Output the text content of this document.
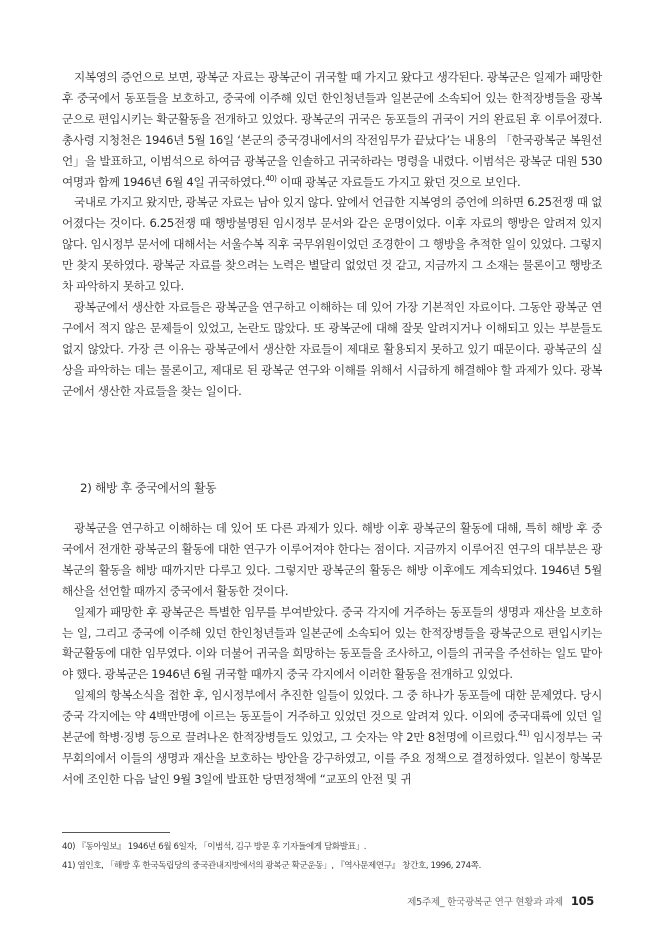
지복영의 증언으로 보면, 광복군 자료는 광복군이 귀국할 때 가지고 왔다고 생각된다. 광복군은 일제가 패망한 후 중국에서 동포들을 보호하고, 중국에 이주해 있던 한인청년들과 일본군에 소속되어 있는 한적장병들을 광복군으로 편입시키는 확군활동을 전개하고 있었다. 광복군의 귀국은 동포들의 귀국이 거의 완료된 후 이루어졌다. 총사령 지청천은 1946년 5월 16일 ‘본군의 중국경내에서의 작전임무가 끝났다’는 내용의 「한국광복군 복원선언」을 발표하고, 이범석으로 하여금 광복군을 인솔하고 귀국하라는 명령을 내렸다. 이범석은 광복군 대원 530여명과 함께 1946년 6월 4일 귀국하였다.$^{40)}$ 이때 광복군 자료들도 가지고 왔던 것으로 보인다.

국내로 가지고 왔지만, 광복군 자료는 남아 있지 않다. 앞에서 언급한 지복영의 증언에 의하면 6.25전쟁 때 없어졌다는 것이다. 6.25전쟁 때 행방불명된 임시정부 문서와 같은 운명이었다. 이후 자료의 행방은 알려져 있지 않다. 임시정부 문서에 대해서는 서울수복 직후 국무위원이었던 조경한이 그 행방을 추적한 일이 있었다. 그렇지만 찾지 못하였다. 광복군 자료를 찾으려는 노력은 별달리 없었던 것 같고, 지금까지 그 소재는 물론이고 행방조차 파악하지 못하고 있다.

광복군에서 생산한 자료들은 광복군을 연구하고 이해하는 데 있어 가장 기본적인 자료이다. 그동안 광복군 연구에서 적지 않은 문제들이 있었고, 논란도 많았다. 또 광복군에 대해 잘못 알려지거나 이해되고 있는 부분들도 없지 않았다. 가장 큰 이유는 광복군에서 생산한 자료들이 제대로 활용되지 못하고 있기 때문이다. 광복군의 실상을 파악하는 데는 물론이고, 제대로 된 광복군 연구와 이해를 위해서 시급하게 해결해야 할 과제가 있다. 광복군에서 생산한 자료들을 찾는 일이다.

2) 해방 후 중국에서의 활동

광복군을 연구하고 이해하는 데 있어 또 다른 과제가 있다. 해방 이후 광복군의 활동에 대해, 특히 해방 후 중국에서 전개한 광복군의 활동에 대한 연구가 이루어져야 한다는 점이다. 지금까지 이루어진 연구의 대부분은 광복군의 활동을 해방 때까지만 다루고 있다. 그렇지만 광복군의 활동은 해방 이후에도 계속되었다. 1946년 5월 해산을 선언할 때까지 중국에서 활동한 것이다.

일제가 패망한 후 광복군은 특별한 임무를 부여받았다. 중국 각지에 거주하는 동포들의 생명과 재산을 보호하는 일, 그리고 중국에 이주해 있던 한인청년들과 일본군에 소속되어 있는 한적장병들을 광복군으로 편입시키는 확군활동에 대한 임무였다. 이와 더불어 귀국을 희망하는 동포들을 조사하고, 이들의 귀국을 주선하는 일도 맡아야 했다. 광복군은 1946년 6월 귀국할 때까지 중국 각지에서 이러한 활동을 전개하고 있었다.

일제의 항복소식을 접한 후, 임시정부에서 추진한 일들이 있었다. 그 중 하나가 동포들에 대한 문제였다. 당시 중국 각지에는 약 4백만명에 이르는 동포들이 거주하고 있었던 것으로 알려져 있다. 이외에 중국대륙에 있던 일본군에 학병·징병 등으로 끌려나온 한적장병들도 있었고, 그 숫자는 약 2만 8천명에 이르렀다.$^{41)}$ 임시정부는 국무회의에서 이들의 생명과 재산을 보호하는 방안을 강구하였고, 이를 주요 정책으로 결정하였다. 일본이 항복문서에 조인한 다음 날인 9월 3일에 발표한 당면정책에 “교포의 안전 및 귀

40) 『동아일보』 1946년 6월 6일자, 「이범석, 김구 방문 후 기자들에게 담화발표」.

41) 염인호, 「해방 후 한국독립당의 중국관내지방에서의 광복군 확군운동」, 『역사문제연구』 창간호, 1996, 274쪽.

제5주제_ 한국광복군 연구 현황과 과제 105
